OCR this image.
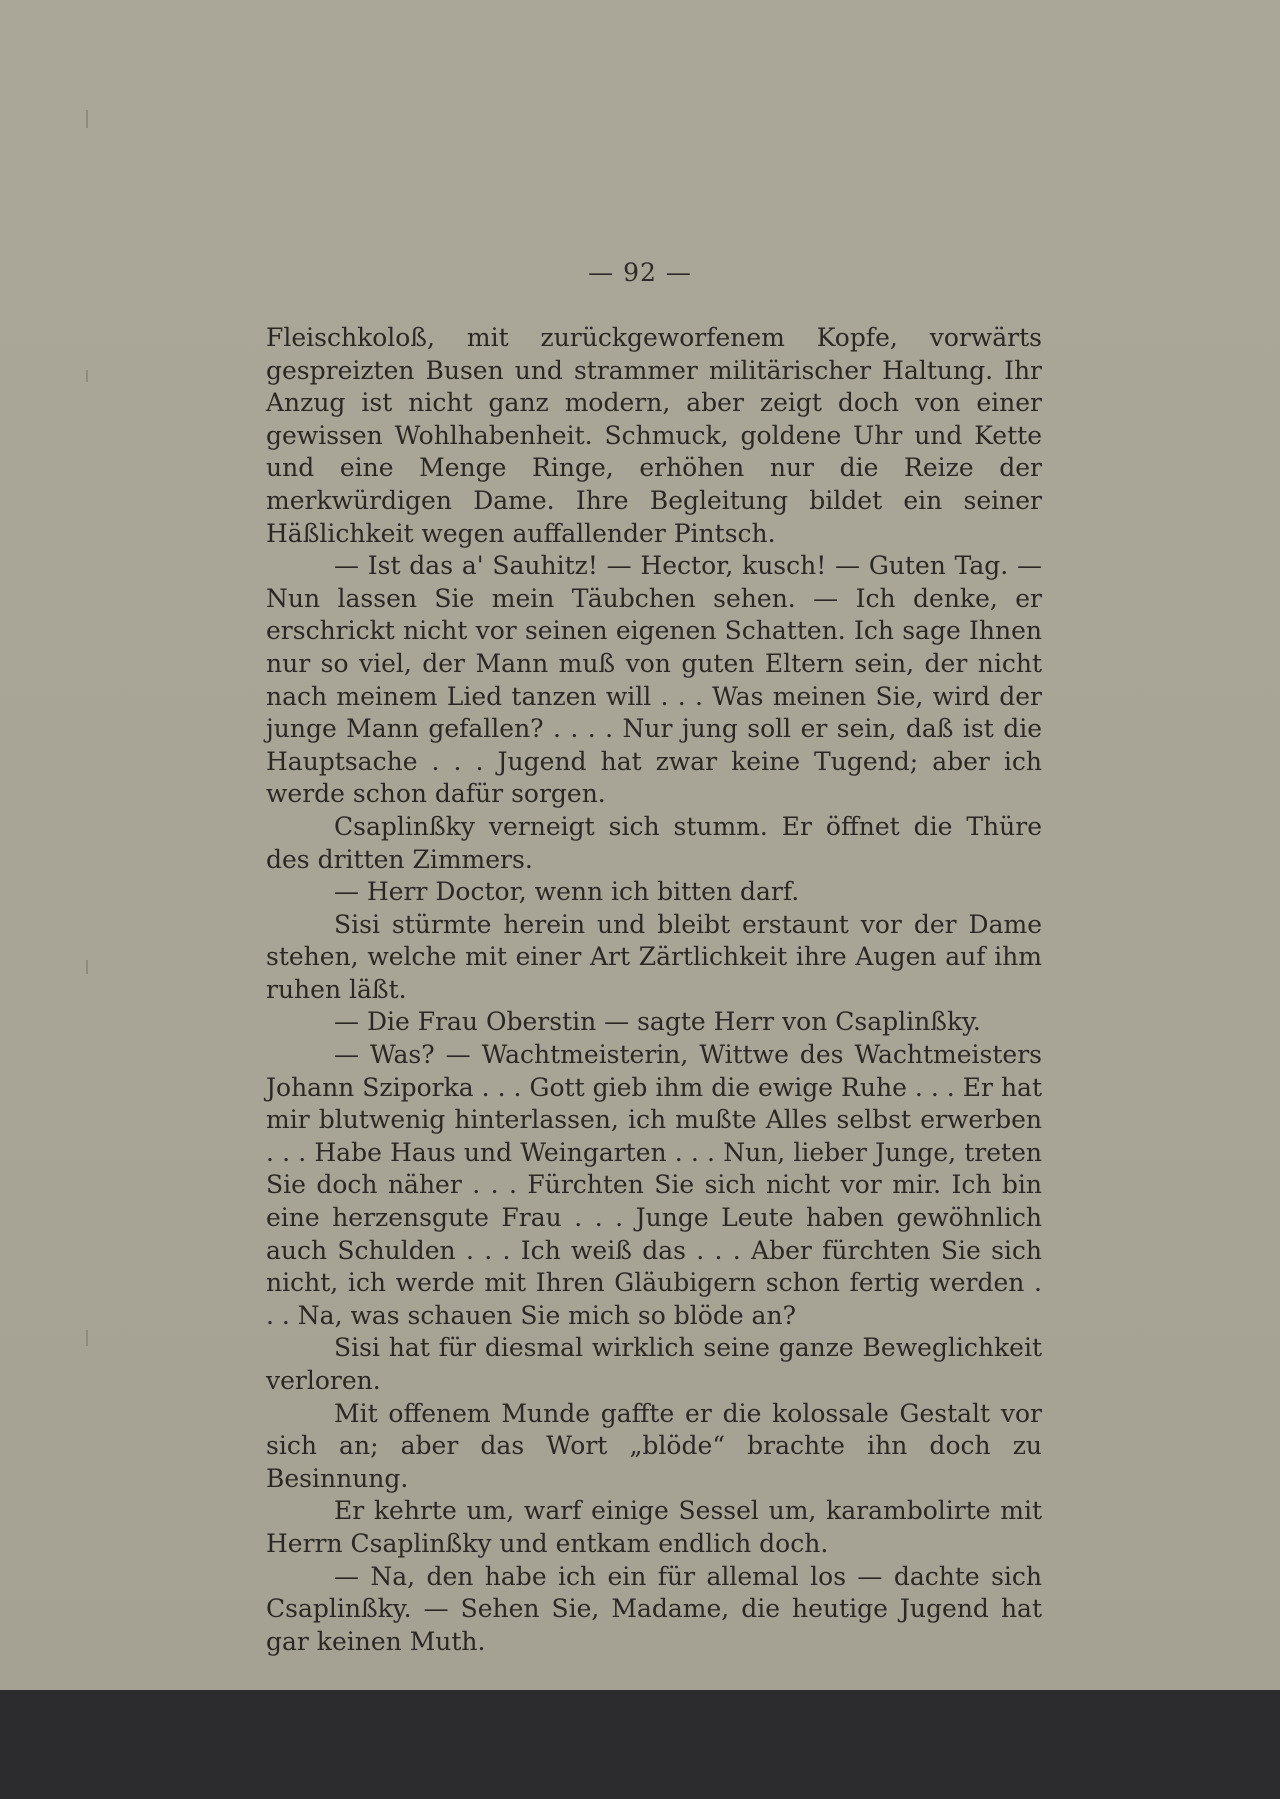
— 92 —

Fleischkoloß, mit zurückgeworfenem Kopfe, vorwärts gespreizten Busen und strammer militärischer Haltung. Ihr Anzug ist nicht ganz modern, aber zeigt doch von einer gewissen Wohlhabenheit. Schmuck, goldene Uhr und Kette und eine Menge Ringe, erhöhen nur die Reize der merkwürdigen Dame. Ihre Begleitung bildet ein seiner Häßlichkeit wegen auffallender Pintsch.

— Ist das a' Sauhitz! — Hector, kusch! — Guten Tag. — Nun lassen Sie mein Täubchen sehen. — Ich denke, er erschrickt nicht vor seinen eigenen Schatten. Ich sage Ihnen nur so viel, der Mann muß von guten Eltern sein, der nicht nach meinem Lied tanzen will . . . Was meinen Sie, wird der junge Mann gefallen? . . . . Nur jung soll er sein, daß ist die Hauptsache . . . Jugend hat zwar keine Tugend; aber ich werde schon dafür sorgen.

Csaplinßky verneigt sich stumm. Er öffnet die Thüre des dritten Zimmers.

— Herr Doctor, wenn ich bitten darf.

Sisi stürmte herein und bleibt erstaunt vor der Dame stehen, welche mit einer Art Zärtlichkeit ihre Augen auf ihm ruhen läßt.

— Die Frau Oberstin — sagte Herr von Csaplinßky.

— Was? — Wachtmeisterin, Wittwe des Wachtmeisters Johann Sziporka . . . Gott gieb ihm die ewige Ruhe . . . Er hat mir blutwenig hinterlassen, ich mußte Alles selbst erwerben . . . Habe Haus und Weingarten . . . Nun, lieber Junge, treten Sie doch näher . . . Fürchten Sie sich nicht vor mir. Ich bin eine herzensgute Frau . . . Junge Leute haben gewöhnlich auch Schulden . . . Ich weiß das . . . Aber fürchten Sie sich nicht, ich werde mit Ihren Gläubigern schon fertig werden . . . Na, was schauen Sie mich so blöde an?

Sisi hat für diesmal wirklich seine ganze Beweglichkeit verloren.

Mit offenem Munde gaffte er die kolossale Gestalt vor sich an; aber das Wort „blöde“ brachte ihn doch zu Besinnung.

Er kehrte um, warf einige Sessel um, karambolirte mit Herrn Csaplinßky und entkam endlich doch.

— Na, den habe ich ein für allemal los — dachte sich Csaplinßky. — Sehen Sie, Madame, die heutige Jugend hat gar keinen Muth.
